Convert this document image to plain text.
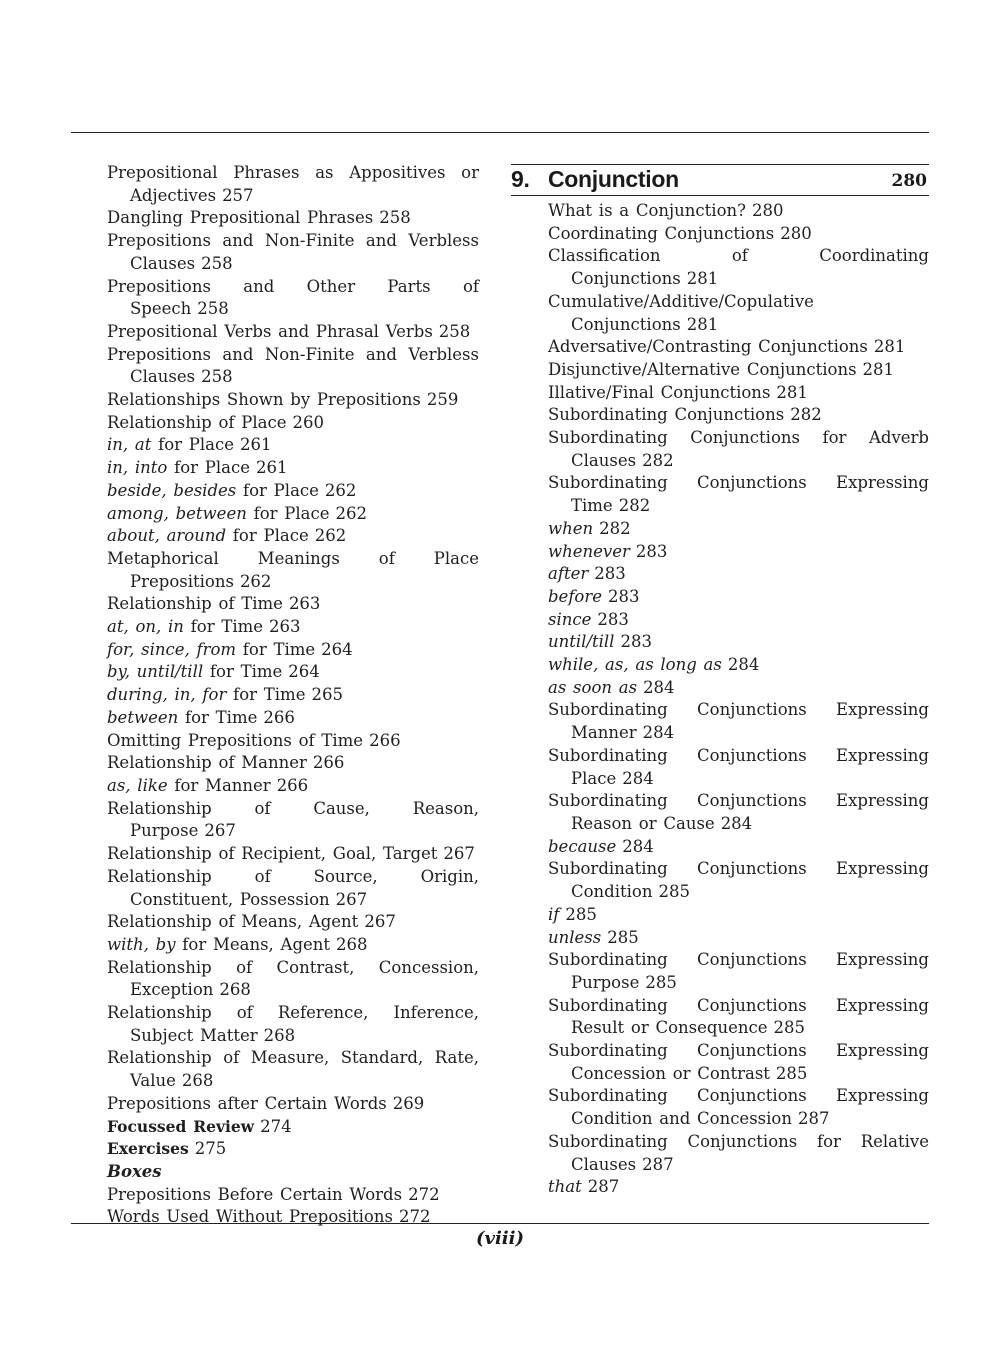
Prepositional Phrases as Appositives or Adjectives 257
Dangling Prepositional Phrases 258
Prepositions and Non-Finite and Verbless Clauses 258
Prepositions and Other Parts of Speech 258
Prepositional Verbs and Phrasal Verbs 258
Prepositions and Non-Finite and Verbless Clauses 258
Relationships Shown by Prepositions 259
Relationship of Place 260
in, at for Place 261
in, into for Place 261
beside, besides for Place 262
among, between for Place 262
about, around for Place 262
Metaphorical Meanings of Place Prepositions 262
Relationship of Time 263
at, on, in for Time 263
for, since, from for Time 264
by, until/till for Time 264
during, in, for for Time 265
between for Time 266
Omitting Prepositions of Time 266
Relationship of Manner 266
as, like for Manner 266
Relationship of Cause, Reason, Purpose 267
Relationship of Recipient, Goal, Target 267
Relationship of Source, Origin, Constituent, Possession 267
Relationship of Means, Agent 267
with, by for Means, Agent 268
Relationship of Contrast, Concession, Exception 268
Relationship of Reference, Inference, Subject Matter 268
Relationship of Measure, Standard, Rate, Value 268
Prepositions after Certain Words 269
Focussed Review 274
Exercises 275
Boxes
Prepositions Before Certain Words 272
Words Used Without Prepositions 272
9. Conjunction	280
What is a Conjunction? 280
Coordinating Conjunctions 280
Classification of Coordinating Conjunctions 281
Cumulative/Additive/Copulative Conjunctions 281
Adversative/Contrasting Conjunctions 281
Disjunctive/Alternative Conjunctions 281
Illative/Final Conjunctions 281
Subordinating Conjunctions 282
Subordinating Conjunctions for Adverb Clauses 282
Subordinating Conjunctions Expressing Time 282
when 282
whenever 283
after 283
before 283
since 283
until/till 283
while, as, as long as 284
as soon as 284
Subordinating Conjunctions Expressing Manner 284
Subordinating Conjunctions Expressing Place 284
Subordinating Conjunctions Expressing Reason or Cause 284
because 284
Subordinating Conjunctions Expressing Condition 285
if 285
unless 285
Subordinating Conjunctions Expressing Purpose 285
Subordinating Conjunctions Expressing Result or Consequence 285
Subordinating Conjunctions Expressing Concession or Contrast 285
Subordinating Conjunctions Expressing Condition and Concession 287
Subordinating Conjunctions for Relative Clauses 287
that 287
(viii)
